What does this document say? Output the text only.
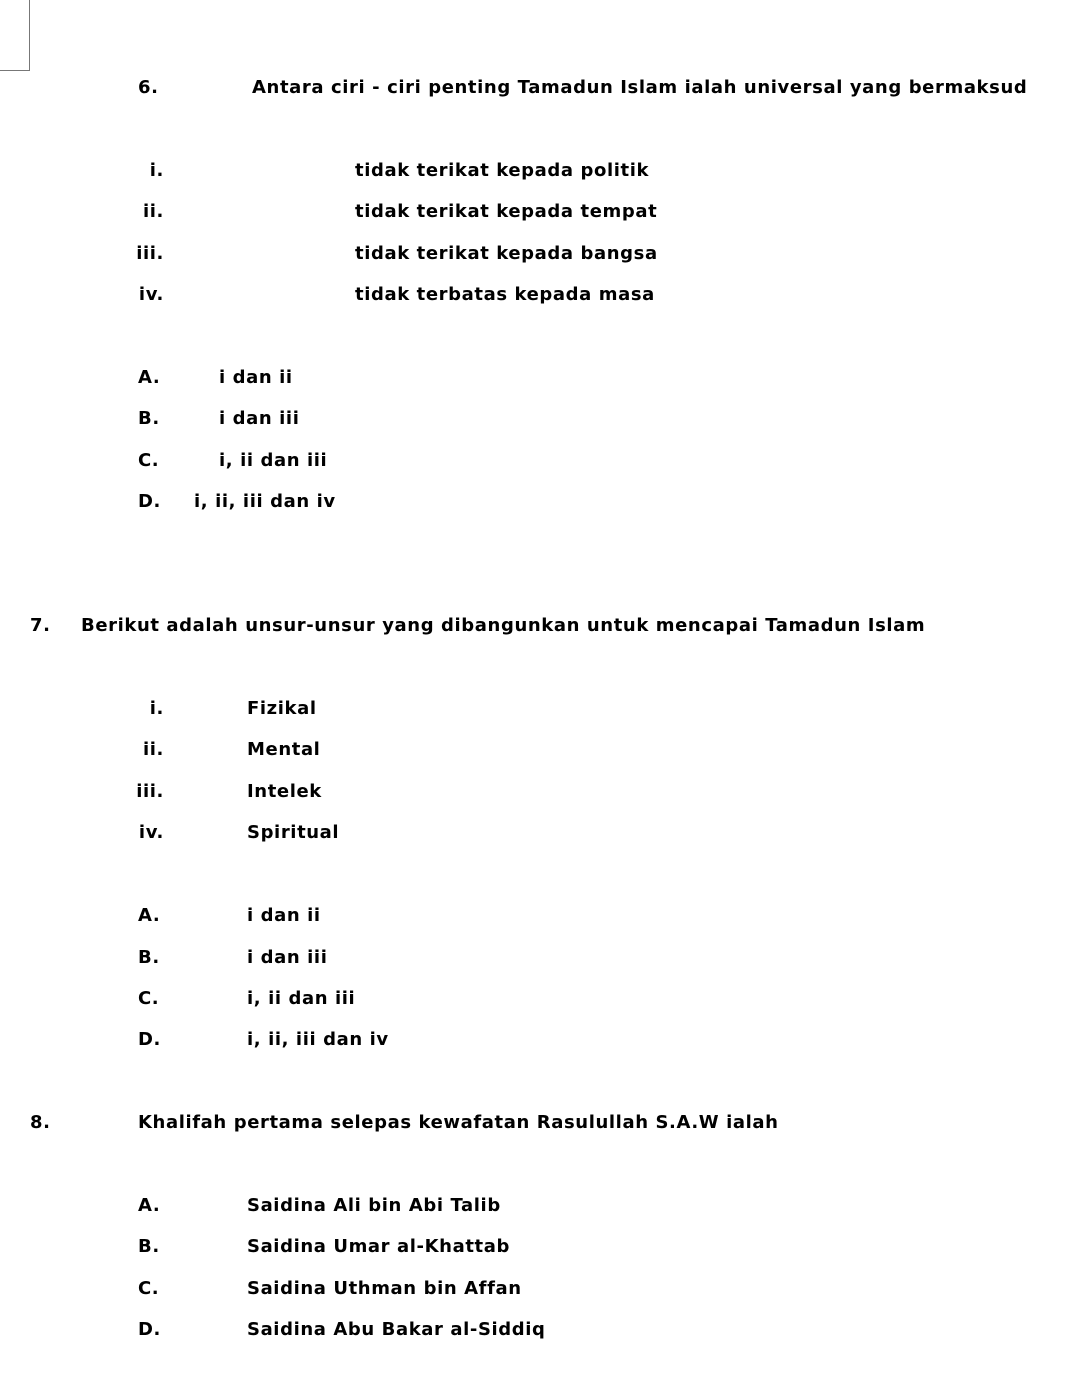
6.	Antara ciri - ciri penting Tamadun Islam ialah universal yang bermaksud
i.	tidak terikat kepada politik
ii.	tidak terikat kepada tempat
iii.	tidak terikat kepada bangsa
iv.	tidak terbatas kepada masa
A.	i dan ii
B.	i dan iii
C.	i, ii dan iii
D. i, ii, iii dan iv
7. Berikut adalah unsur-unsur yang dibangunkan untuk mencapai Tamadun Islam
i.	Fizikal
ii.	Mental
iii.	Intelek
iv.	Spiritual
A.	i dan ii
B.	i dan iii
C.	i, ii dan iii
D.	i, ii, iii dan iv
8.	Khalifah pertama selepas kewafatan Rasulullah S.A.W ialah
A.	Saidina Ali bin Abi Talib
B.	Saidina Umar al-Khattab
C.	Saidina Uthman bin Affan
D.	Saidina Abu Bakar al-Siddiq
